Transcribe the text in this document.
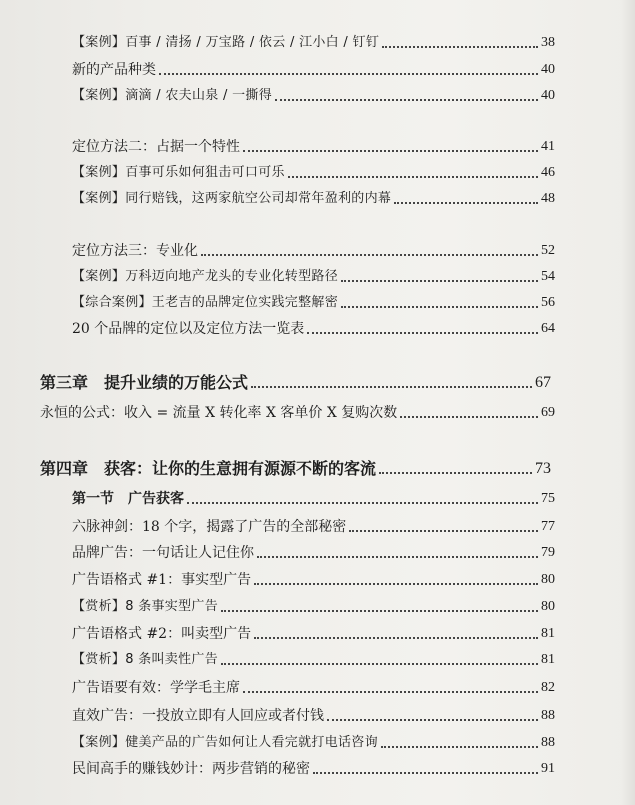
【案例】百事 / 清扬 / 万宝路 / 依云 / 江小白 / 钉钉	38
新的产品种类	40
【案例】滴滴 / 农夫山泉 / 一撕得	40
定位方法二：占据一个特性	41
【案例】百事可乐如何狙击可口可乐	46
【案例】同行赔钱，这两家航空公司却常年盈利的内幕	48
定位方法三：专业化	52
【案例】万科迈向地产龙头的专业化转型路径	54
【综合案例】王老吉的品牌定位实践完整解密	56
20 个品牌的定位以及定位方法一览表	64
第三章　提升业绩的万能公式	67
永恒的公式：收入 = 流量 X 转化率 X 客单价 X 复购次数	69
第四章　获客：让你的生意拥有源源不断的客流	73
第一节　广告获客	75
六脉神剑：18 个字，揭露了广告的全部秘密	77
品牌广告：一句话让人记住你	79
广告语格式 #1：事实型广告	80
【赏析】8 条事实型广告	80
广告语格式 #2：叫卖型广告	81
【赏析】8 条叫卖性广告	81
广告语要有效：学学毛主席	82
直效广告：一投放立即有人回应或者付钱	88
【案例】健美产品的广告如何让人看完就打电话咨询	88
民间高手的赚钱妙计：两步营销的秘密	91
